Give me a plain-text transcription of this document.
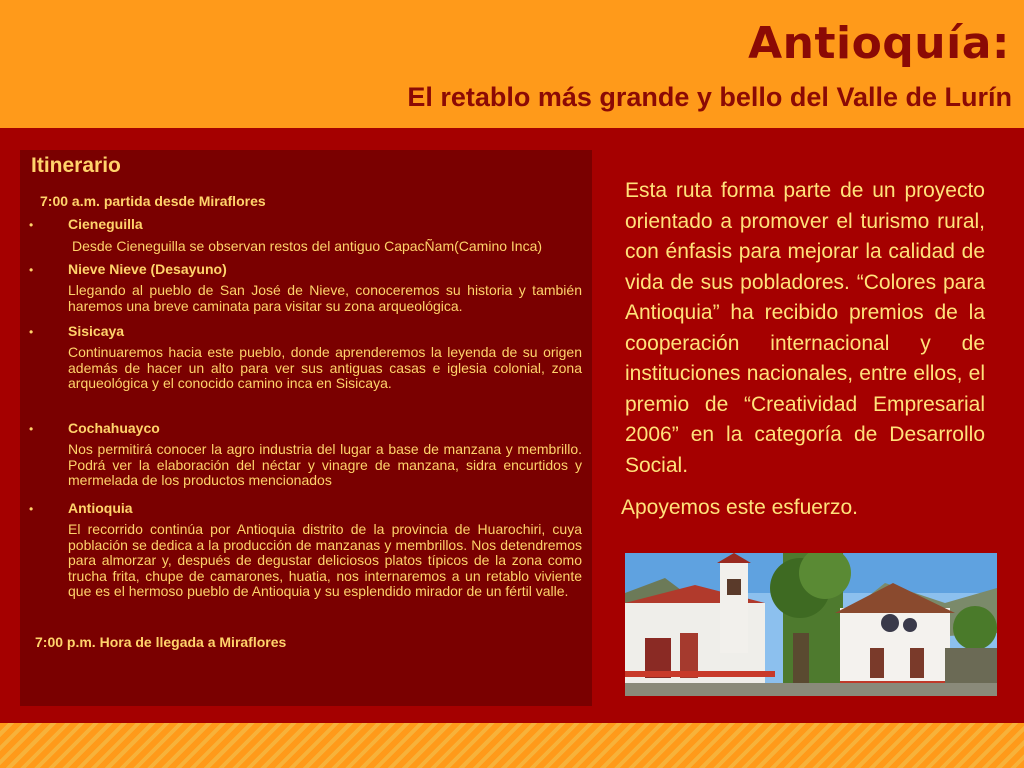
Antioquía:
El retablo más grande y bello del Valle de Lurín
Itinerario
7:00 a.m. partida desde Miraflores
• Cieneguilla
Desde Cieneguilla se observan restos del antiguo CapacÑam(Camino Inca)
• Nieve Nieve (Desayuno)
Llegando al pueblo de San José de Nieve, conoceremos su historia y también haremos una breve caminata para visitar su zona arqueológica.
• Sisicaya
Continuaremos hacia este pueblo, donde aprenderemos la leyenda de su origen además de hacer un alto para ver sus antiguas casas e iglesia colonial, zona arqueológica y el conocido camino inca en Sisicaya.
• Cochahuayco
Nos permitirá conocer la agro industria del lugar a base de manzana y membrillo. Podrá ver la elaboración del néctar y vinagre de manzana, sidra encurtidos y mermelada de los productos mencionados
• Antioquia
El recorrido continúa por Antioquia distrito de la provincia de Huarochiri, cuya población se dedica a la producción de manzanas y membrillos. Nos detendremos para almorzar y, después de degustar deliciosos platos típicos de la zona como trucha frita, chupe de camarones, huatia, nos internaremos a un retablo viviente que es el hermoso pueblo de Antioquia y su esplendido mirador de un fértil valle.
7:00 p.m. Hora de llegada a Miraflores
Esta ruta forma parte de un proyecto orientado a promover el turismo rural, con énfasis para mejorar la calidad de vida de sus pobladores. “Colores para Antioquia” ha recibido premios de la cooperación internacional y de instituciones nacionales, entre ellos, el premio de “Creatividad Empresarial 2006” en la categoría de Desarrollo Social.
Apoyemos este esfuerzo.
